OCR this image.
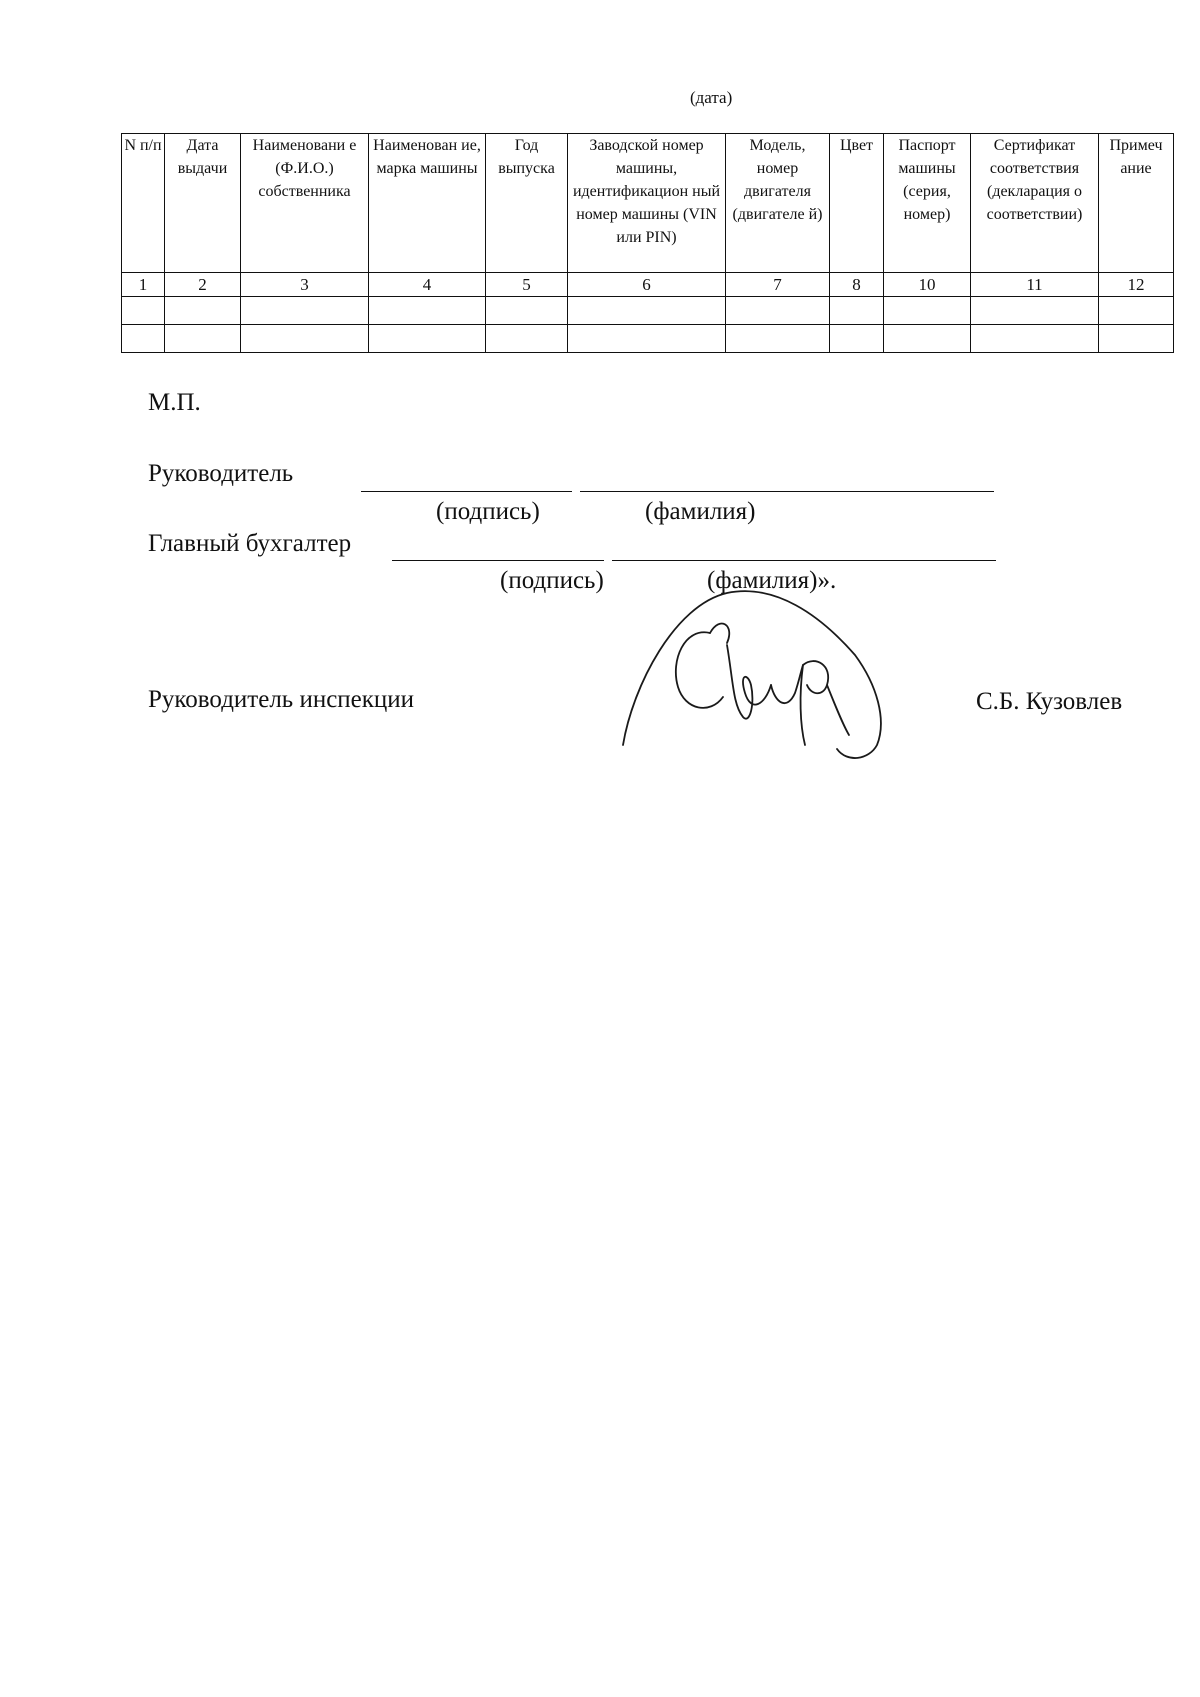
(дата)
N п/п	Дата выдачи	Наименовани е (Ф.И.О.) собственника	Наименован ие, марка машины	Год выпуска	Заводской номер машины, идентификацион ный номер машины (VIN или PIN)	Модель, номер двигателя (двигателе й)	Цвет	Паспорт машины (серия, номер)	Сертификат соответствия (декларация о соответствии)	Примеч ание
1	2	3	4	5	6	7	8	10	11	12

М.П.
Руководитель
(подпись)	(фамилия)
Главный бухгалтер
(подпись)	(фамилия)».
Руководитель инспекции	С.Б. Кузовлев
